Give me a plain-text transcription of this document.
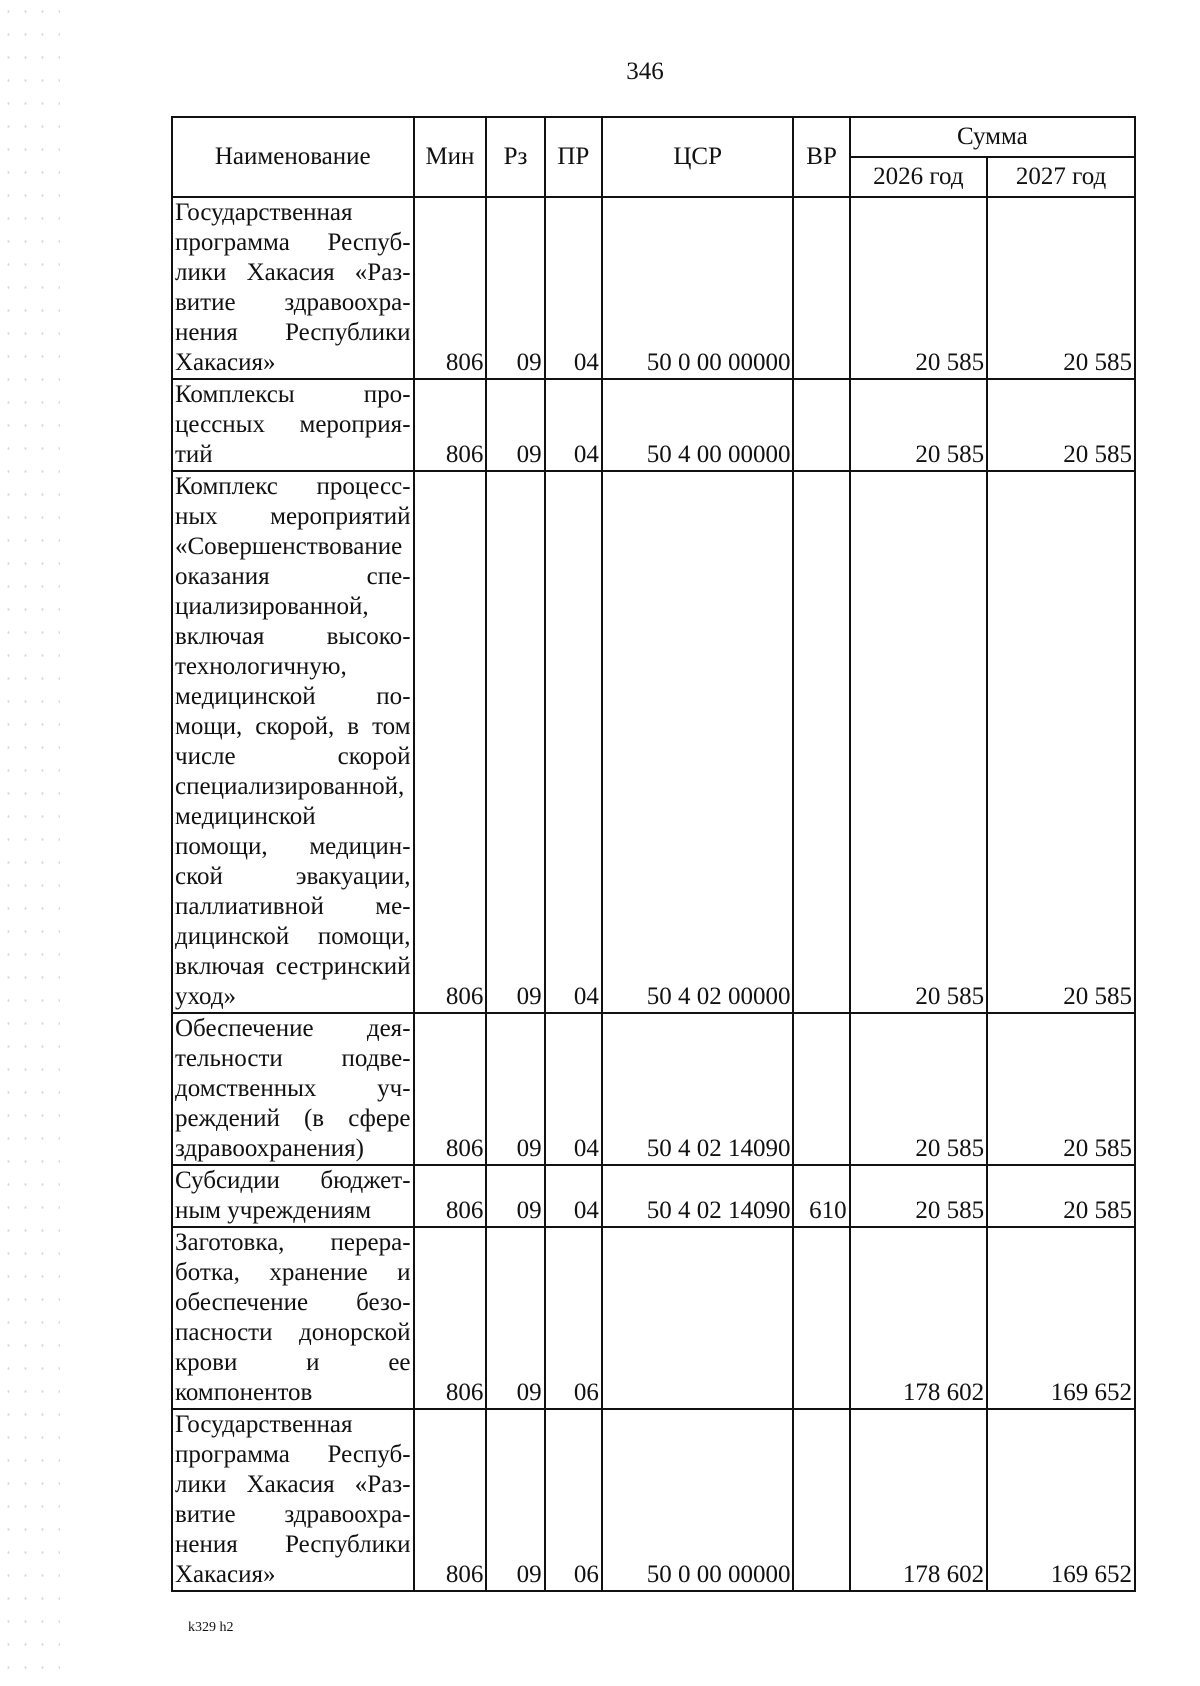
346
Наименование	Мин	Рз	ПР	ЦСР	ВР	Сумма	
						2026 год	2027 год
Государственная программа Республики Хакасия «Развитие здравоохранения Республики Хакасия»	806	09	04	50 0 00 00000		20 585	20 585
Комплексы процессных мероприятий	806	09	04	50 4 00 00000		20 585	20 585
Комплекс процессных мероприятий «Совершенствование оказания специализированной, включая высокотехнологичную, медицинской помощи, скорой, в том числе скорой специализированной, медицинской помощи, медицинской эвакуации, паллиативной медицинской помощи, включая сестринский уход»	806	09	04	50 4 02 00000		20 585	20 585
Обеспечение деятельности подведомственных учреждений (в сфере здравоохранения)	806	09	04	50 4 02 14090		20 585	20 585
Субсидии бюджетным учреждениям	806	09	04	50 4 02 14090	610	20 585	20 585
Заготовка, переработка, хранение и обеспечение безопасности донорской крови и ее компонентов	806	09	06			178 602	169 652
Государственная программа Республики Хакасия «Развитие здравоохранения Республики Хакасия»	806	09	06	50 0 00 00000		178 602	169 652
k329 h2
